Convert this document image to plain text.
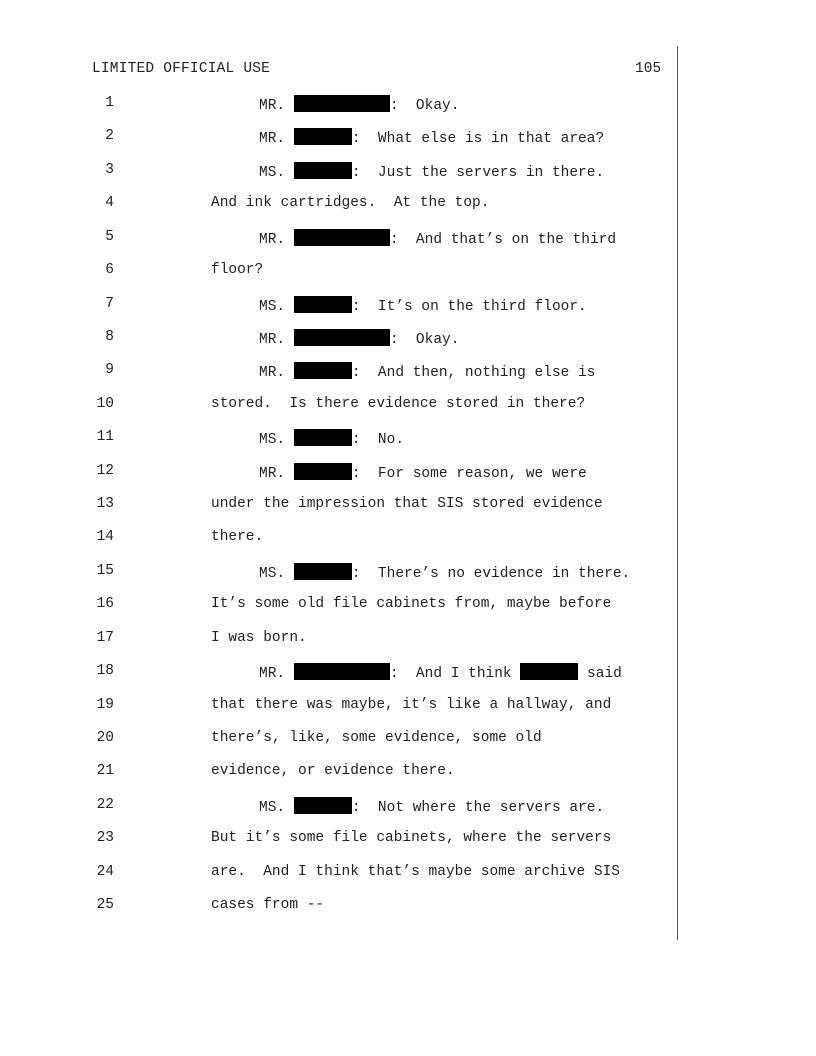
LIMITED OFFICIAL USE	105
1	MR.	:  Okay.
2	MR.	:  What else is in that area?
3	MS.	:  Just the servers in there.
4	And ink cartridges.  At the top.
5	MR.	:  And that’s on the third
6	floor?
7	MS.	:  It’s on the third floor.
8	MR.	:  Okay.
9	MR.	:  And then, nothing else is
10	stored.  Is there evidence stored in there?
11	MS.	:  No.
12	MR.	:  For some reason, we were
13	under the impression that SIS stored evidence
14	there.
15	MS.	:  There’s no evidence in there.
16	It’s some old file cabinets from, maybe before
17	I was born.
18	MR.	:  And I think	said
19	that there was maybe, it’s like a hallway, and
20	there’s, like, some evidence, some old
21	evidence, or evidence there.
22	MS.	:  Not where the servers are.
23	But it’s some file cabinets, where the servers
24	are.  And I think that’s maybe some archive SIS
25	cases from --
